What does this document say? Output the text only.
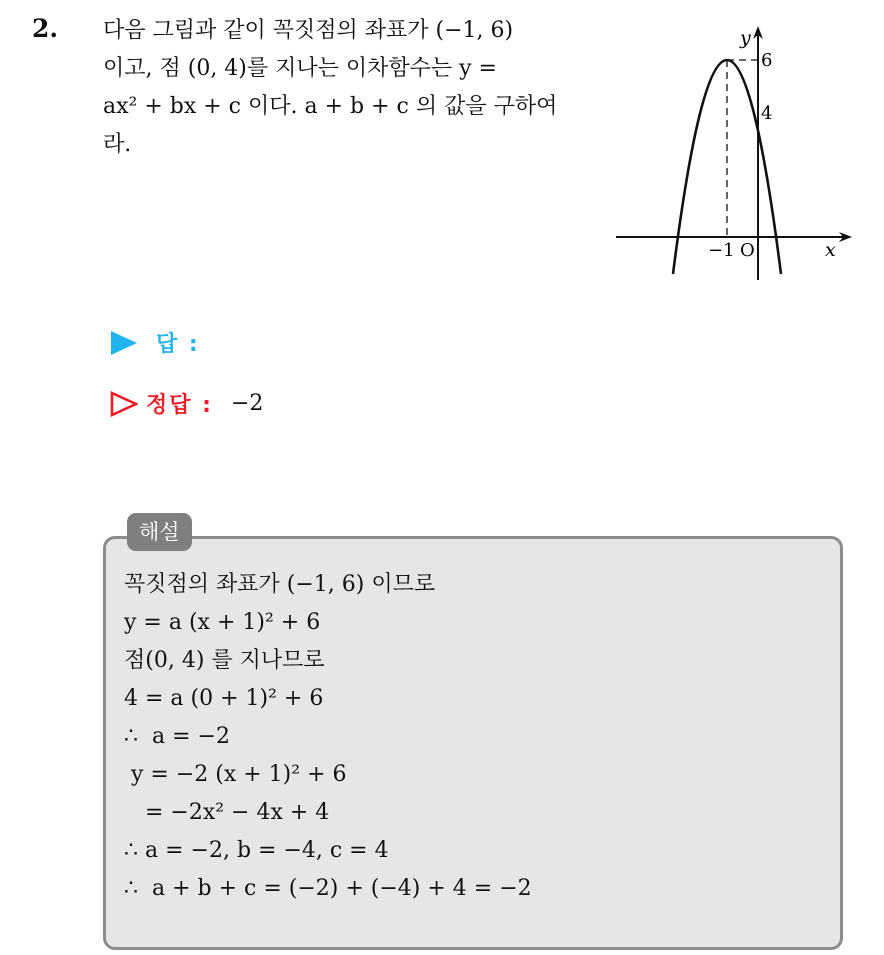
2. 다음 그림과 같이 꼭짓점의 좌표가 (−1, 6)
이고, 점 (0, 4)를 지나는 이차함수는 y =
ax² + bx + c 이다. a + b + c 의 값을 구하여
라.
y
x
6
4
−1 O
답 :
정답 : −2
해설
꼭짓점의 좌표가 (−1, 6) 이므로
y = a (x + 1)² + 6
점(0, 4) 를 지나므로
4 = a (0 + 1)² + 6
∴  a = −2
y = −2 (x + 1)² + 6
= −2x² − 4x + 4
∴ a = −2, b = −4, c = 4
∴  a + b + c = (−2) + (−4) + 4 = −2
